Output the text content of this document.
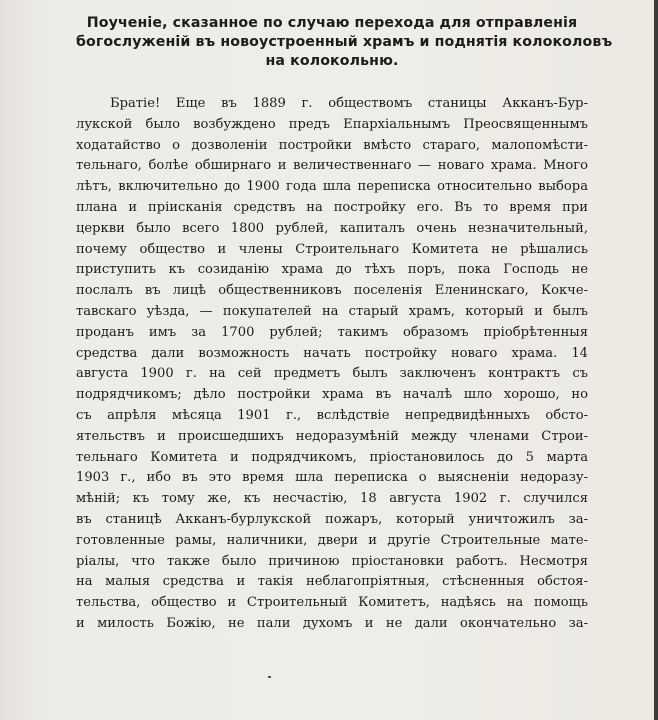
Поученіе, сказанное по случаю перехода для отправленія
богослуженій въ новоустроенный храмъ и поднятія колоколовъ
на колокольню.
Братіе! Еще въ 1889 г. обществомъ станицы Акканъ-Бур-
лукской было возбуждено предъ Епархіальнымъ Преосвященнымъ
ходатайство о дозволеніи постройки вмѣсто стараго, малопомѣсти-
тельнаго, болѣе обширнаго и величественнаго — новаго храма. Много
лѣтъ, включительно до 1900 года шла переписка относительно выбора
плана и пріисканія средствъ на постройку его. Въ то время при
церкви было всего 1800 рублей, капиталъ очень незначительный,
почему общество и члены Строительнаго Комитета не рѣшались
приступить къ созиданію храма до тѣхъ поръ, пока Господь не
послалъ въ лицѣ общественниковъ поселенія Еленинскаго, Кокче-
тавскаго уѣзда, — покупателей на старый храмъ, который и былъ
проданъ имъ за 1700 рублей; такимъ образомъ пріобрѣтенныя
средства дали возможность начать постройку новаго храма. 14
августа 1900 г. на сей предметъ былъ заключенъ контрактъ съ
подрядчикомъ; дѣло постройки храма въ началѣ шло хорошо, но
съ апрѣля мѣсяца 1901 г., вслѣдствіе непредвидѣнныхъ обсто-
ятельствъ и происшедшихъ недоразумѣній между членами Строи-
тельнаго Комитета и подрядчикомъ, пріостановилось до 5 марта
1903 г., ибо въ это время шла переписка о выясненіи недоразу-
мѣній; къ тому же, къ несчастію, 18 августа 1902 г. случился
въ станицѣ Акканъ-бурлукской пожаръ, который уничтожилъ за-
готовленные рамы, наличники, двери и другіе Строительные мате-
ріалы, что также было причиною пріостановки работъ. Несмотря
на малыя средства и такія неблагопріятныя, стѣсненныя обстоя-
тельства, общество и Строительный Комитетъ, надѣясь на помощь
и милость Божію, не пали духомъ и не дали окончательно за-
